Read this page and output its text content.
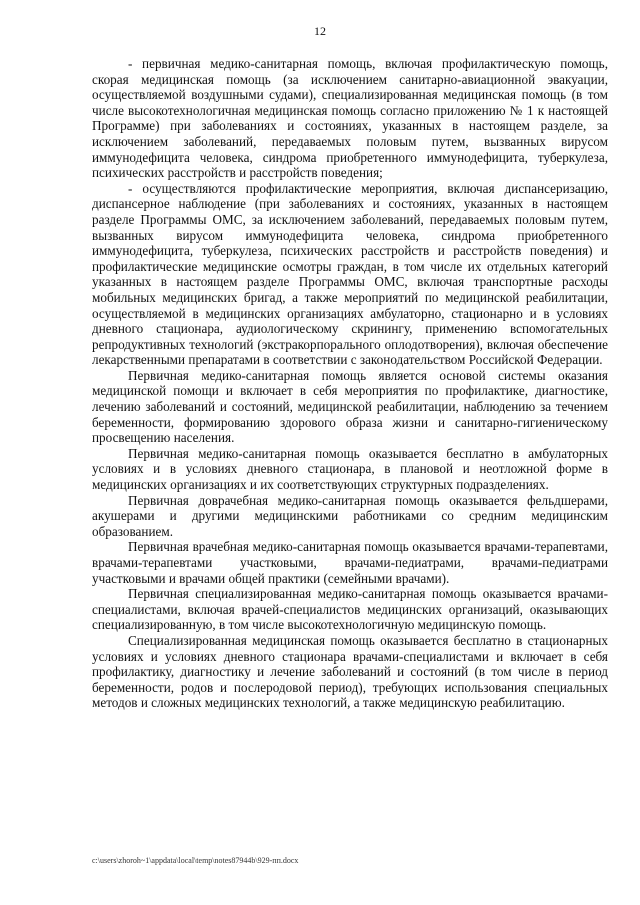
12

- первичная медико-санитарная помощь, включая профилактическую помощь, скорая медицинская помощь (за исключением санитарно-авиационной эвакуации, осуществляемой воздушными судами), специализированная медицинская помощь (в том числе высокотехнологичная медицинская помощь согласно приложению № 1 к настоящей Программе) при заболеваниях и состояниях, указанных в настоящем разделе, за исключением заболеваний, передаваемых половым путем, вызванных вирусом иммунодефицита человека, синдрома приобретенного иммунодефицита, туберкулеза, психических расстройств и расстройств поведения;

- осуществляются профилактические мероприятия, включая диспансеризацию, диспансерное наблюдение (при заболеваниях и состояниях, указанных в настоящем разделе Программы ОМС, за исключением заболеваний, передаваемых половым путем, вызванных вирусом иммунодефицита человека, синдрома приобретенного иммунодефицита, туберкулеза, психических расстройств и расстройств поведения) и профилактические медицинские осмотры граждан, в том числе их отдельных категорий указанных в настоящем разделе Программы ОМС, включая транспортные расходы мобильных медицинских бригад, а также мероприятий по медицинской реабилитации, осуществляемой в медицинских организациях амбулаторно, стационарно и в условиях дневного стационара, аудиологическому скринингу, применению вспомогательных репродуктивных технологий (экстракорпорального оплодотворения), включая обеспечение лекарственными препаратами в соответствии с законодательством Российской Федерации.

Первичная медико-санитарная помощь является основой системы оказания медицинской помощи и включает в себя мероприятия по профилактике, диагностике, лечению заболеваний и состояний, медицинской реабилитации, наблюдению за течением беременности, формированию здорового образа жизни и санитарно-гигиеническому просвещению населения.

Первичная медико-санитарная помощь оказывается бесплатно в амбулаторных условиях и в условиях дневного стационара, в плановой и неотложной форме в медицинских организациях и их соответствующих структурных подразделениях.

Первичная доврачебная медико-санитарная помощь оказывается фельдшерами, акушерами и другими медицинскими работниками со средним медицинским образованием.

Первичная врачебная медико-санитарная помощь оказывается врачами-терапевтами, врачами-терапевтами участковыми, врачами-педиатрами, врачами-педиатрами участковыми и врачами общей практики (семейными врачами).

Первичная специализированная медико-санитарная помощь оказывается врачами-специалистами, включая врачей-специалистов медицинских организаций, оказывающих специализированную, в том числе высокотехнологичную медицинскую помощь.

Специализированная медицинская помощь оказывается бесплатно в стационарных условиях и условиях дневного стационара врачами-специалистами и включает в себя профилактику, диагностику и лечение заболеваний и состояний (в том числе в период беременности, родов и послеродовой период), требующих использования специальных методов и сложных медицинских технологий, а также медицинскую реабилитацию.

c:\users\zhoroh~1\appdata\local\temp\notes87944b\929-пп.docx
